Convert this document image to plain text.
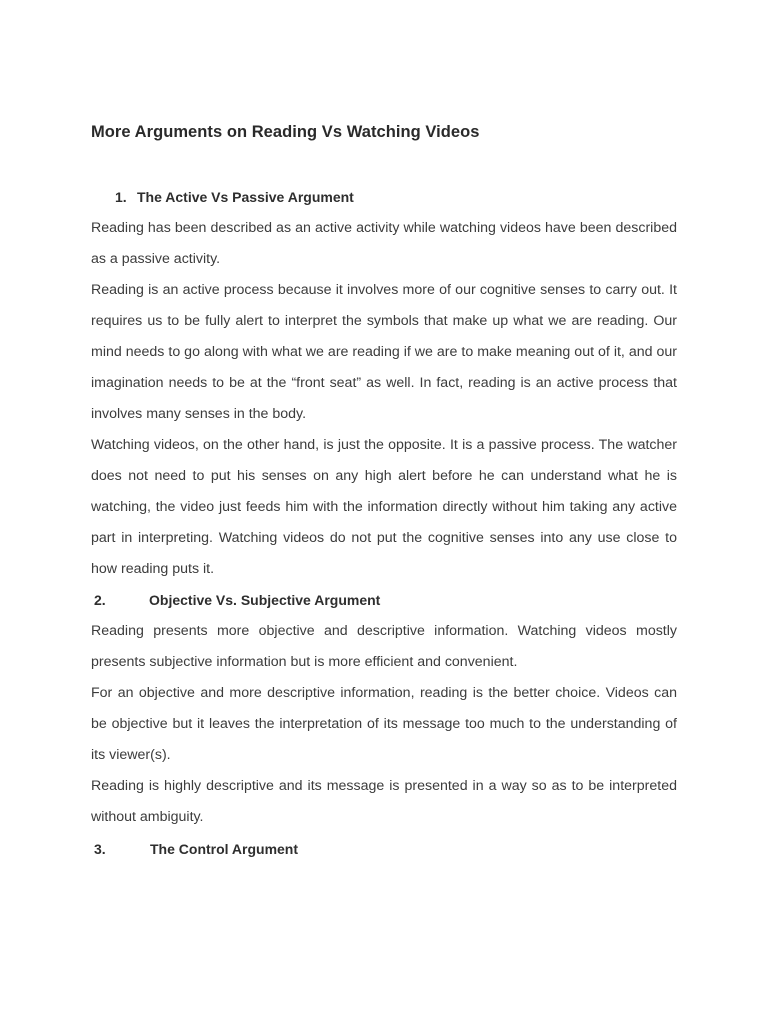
More Arguments on Reading Vs Watching Videos
1. The Active Vs Passive Argument

Reading has been described as an active activity while watching videos have been described as a passive activity.

Reading is an active process because it involves more of our cognitive senses to carry out. It requires us to be fully alert to interpret the symbols that make up what we are reading. Our mind needs to go along with what we are reading if we are to make meaning out of it, and our imagination needs to be at the “front seat” as well. In fact, reading is an active process that involves many senses in the body.

Watching videos, on the other hand, is just the opposite. It is a passive process. The watcher does not need to put his senses on any high alert before he can understand what he is watching, the video just feeds him with the information directly without him taking any active part in interpreting. Watching videos do not put the cognitive senses into any use close to how reading puts it.

2.	Objective Vs. Subjective Argument

Reading presents more objective and descriptive information. Watching videos mostly presents subjective information but is more efficient and convenient.

For an objective and more descriptive information, reading is the better choice. Videos can be objective but it leaves the interpretation of its message too much to the understanding of its viewer(s).

Reading is highly descriptive and its message is presented in a way so as to be interpreted without ambiguity.

3.	The Control Argument
